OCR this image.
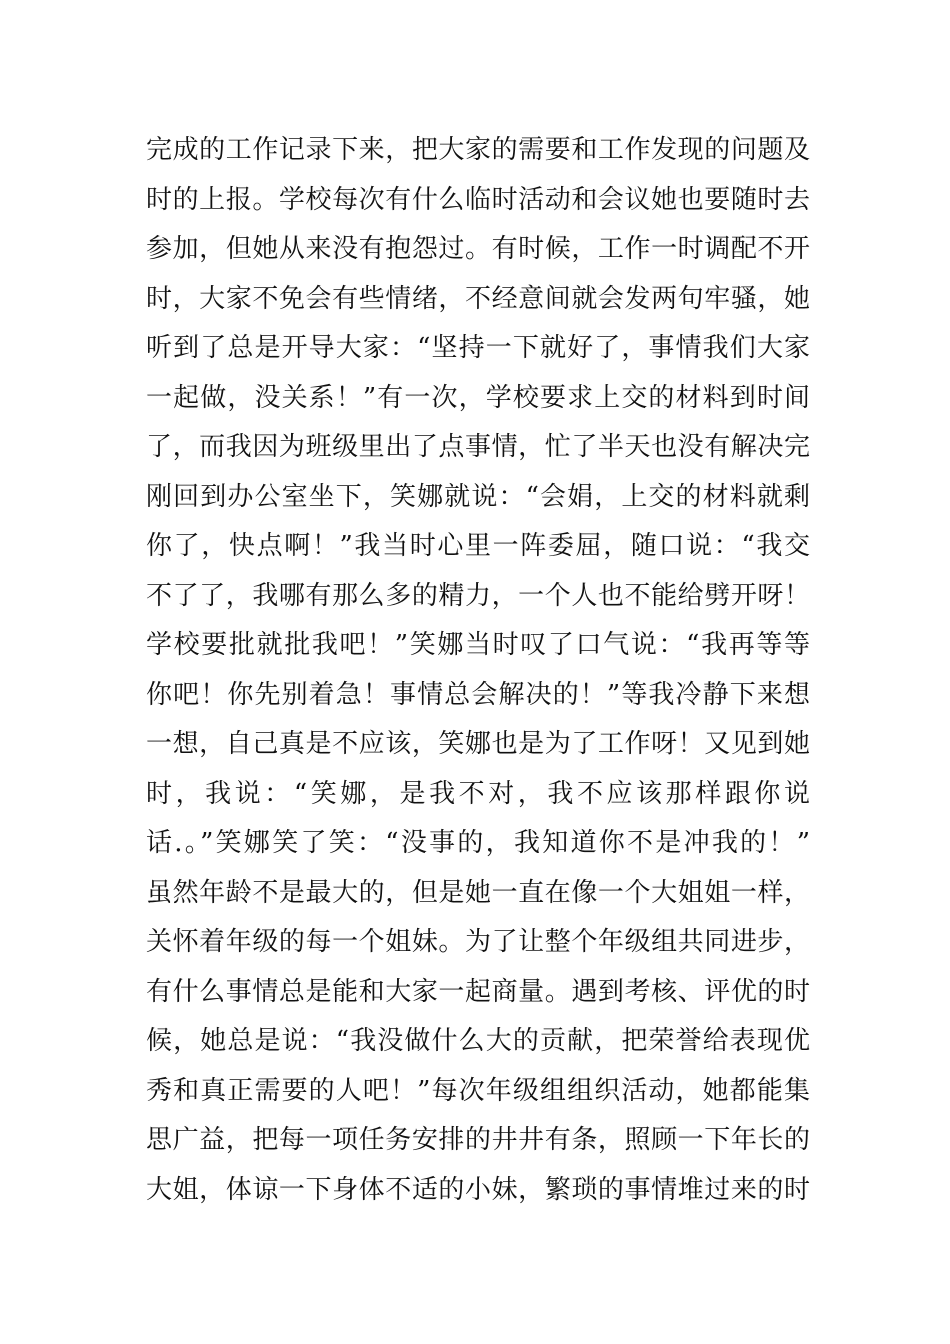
完成的工作记录下来，把大家的需要和工作发现的问题及
时的上报。学校每次有什么临时活动和会议她也要随时去
参加，但她从来没有抱怨过。有时候，工作一时调配不开
时，大家不免会有些情绪，不经意间就会发两句牢骚，她
听到了总是开导大家：“坚持一下就好了，事情我们大家
一起做，没关系！”有一次，学校要求上交的材料到时间
了，而我因为班级里出了点事情，忙了半天也没有解决完
刚回到办公室坐下，笑娜就说：“会娟，上交的材料就剩
你了，快点啊！”我当时心里一阵委屈，随口说：“我交
不了了，我哪有那么多的精力，一个人也不能给劈开呀！
学校要批就批我吧！”笑娜当时叹了口气说：“我再等等
你吧！你先别着急！事情总会解决的！”等我冷静下来想
一想，自己真是不应该，笑娜也是为了工作呀！又见到她
时，我说：“笑娜，是我不对，我不应该那样跟你说
话.。”笑娜笑了笑：“没事的，我知道你不是冲我的！”
虽然年龄不是最大的，但是她一直在像一个大姐姐一样，
关怀着年级的每一个姐妹。为了让整个年级组共同进步，
有什么事情总是能和大家一起商量。遇到考核、评优的时
候，她总是说：“我没做什么大的贡献，把荣誉给表现优
秀和真正需要的人吧！”每次年级组组织活动，她都能集
思广益，把每一项任务安排的井井有条，照顾一下年长的
大姐，体谅一下身体不适的小妹，繁琐的事情堆过来的时
